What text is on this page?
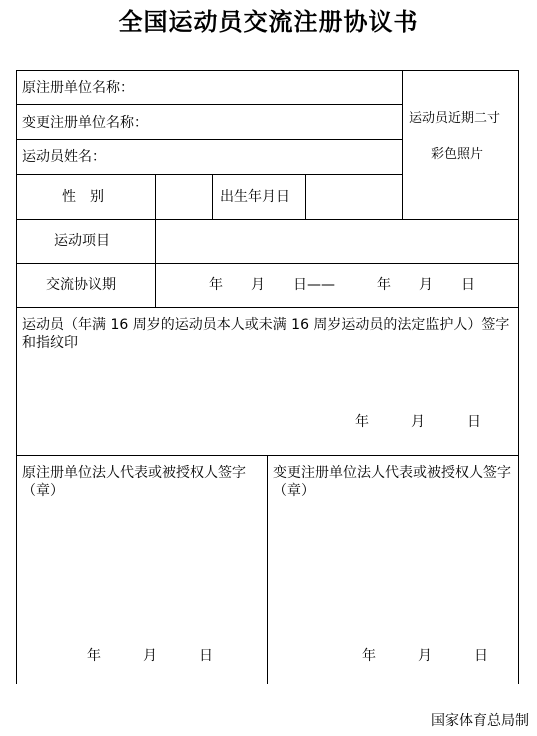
全国运动员交流注册协议书
原注册单位名称：
变更注册单位名称：
运动员姓名：
运动员近期二寸
彩色照片
性　别	出生年月日
运动项目
交流协议期	年　　月　　日——　　　年　　月　　日
运动员（年满 16 周岁的运动员本人或未满 16 周岁运动员的法定监护人）签字和指纹印
年　　　月　　　日
原注册单位法人代表或被授权人签字（章）
年　　　月　　　日
变更注册单位法人代表或被授权人签字（章）
年　　　月　　　日
国家体育总局制
